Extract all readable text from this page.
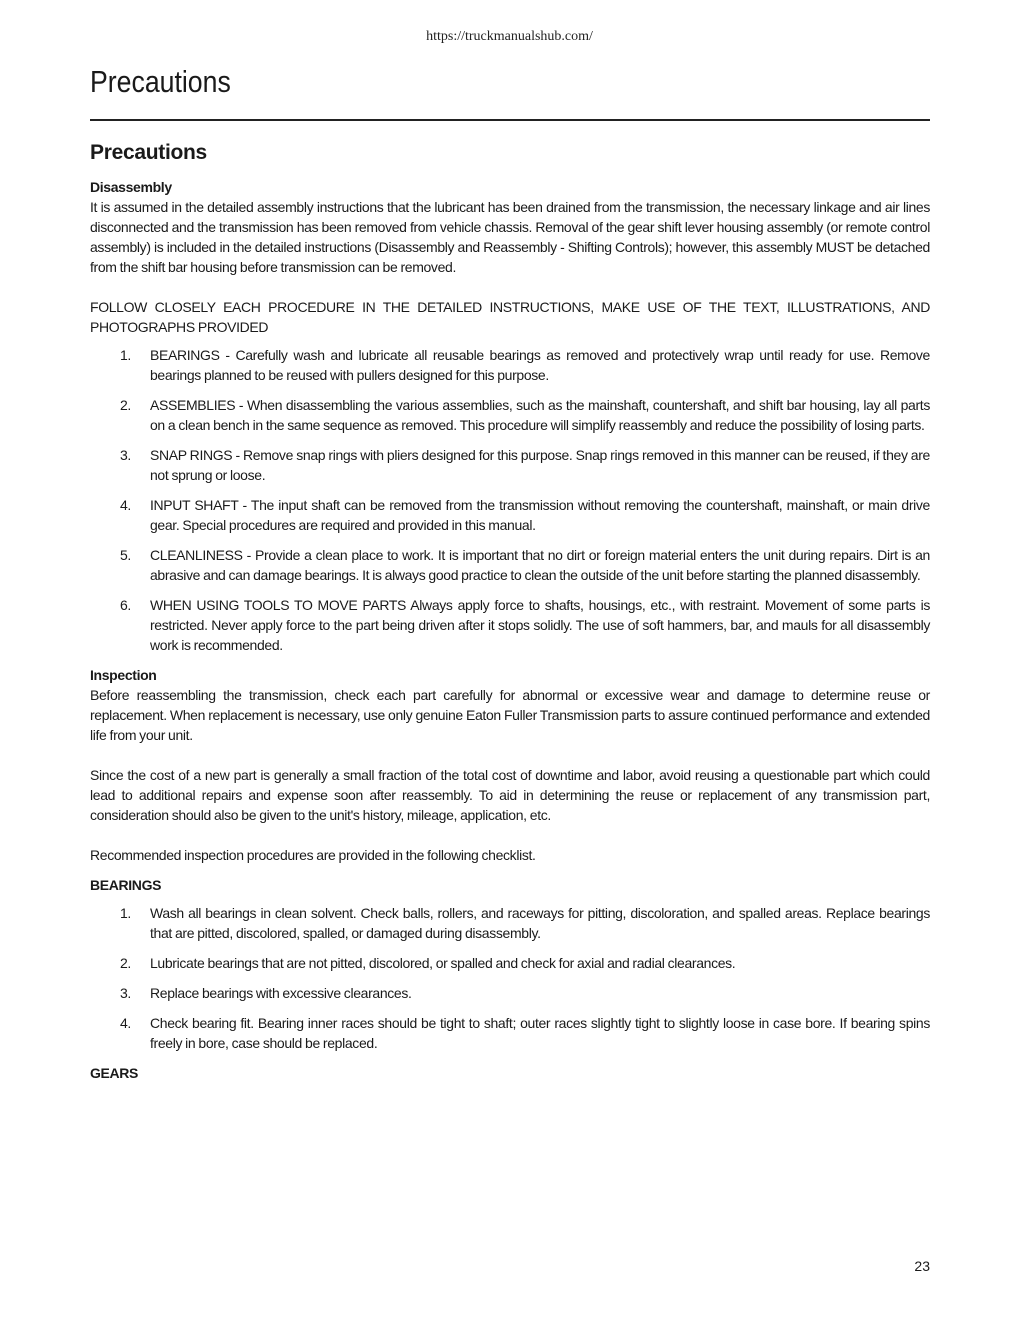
https://truckmanualshub.com/
Precautions
Precautions
Disassembly

It is assumed in the detailed assembly instructions that the lubricant has been drained from the transmission, the necessary linkage and air lines disconnected and the transmission has been removed from vehicle chassis. Removal of the gear shift lever housing assembly (or remote control assembly) is included in the detailed instructions (Disassembly and Reassembly - Shifting Controls); however, this assembly MUST be detached from the shift bar housing before transmission can be removed.

FOLLOW CLOSELY EACH PROCEDURE IN THE DETAILED INSTRUCTIONS, MAKE USE OF THE TEXT, ILLUSTRATIONS, AND PHOTOGRAPHS PROVIDED

1. BEARINGS - Carefully wash and lubricate all reusable bearings as removed and protectively wrap until ready for use. Remove bearings planned to be reused with pullers designed for this purpose.
2. ASSEMBLIES - When disassembling the various assemblies, such as the mainshaft, countershaft, and shift bar housing, lay all parts on a clean bench in the same sequence as removed. This procedure will simplify reassembly and reduce the possibility of losing parts.
3. SNAP RINGS - Remove snap rings with pliers designed for this purpose. Snap rings removed in this manner can be reused, if they are not sprung or loose.
4. INPUT SHAFT - The input shaft can be removed from the transmission without removing the countershaft, mainshaft, or main drive gear. Special procedures are required and provided in this manual.
5. CLEANLINESS - Provide a clean place to work. It is important that no dirt or foreign material enters the unit during repairs. Dirt is an abrasive and can damage bearings. It is always good practice to clean the outside of the unit before starting the planned disassembly.
6. WHEN USING TOOLS TO MOVE PARTS Always apply force to shafts, housings, etc., with restraint. Movement of some parts is restricted. Never apply force to the part being driven after it stops solidly. The use of soft hammers, bar, and mauls for all disassembly work is recommended.
Inspection

Before reassembling the transmission, check each part carefully for abnormal or excessive wear and damage to determine reuse or replacement. When replacement is necessary, use only genuine Eaton Fuller Transmission parts to assure continued performance and extended life from your unit.

Since the cost of a new part is generally a small fraction of the total cost of downtime and labor, avoid reusing a questionable part which could lead to additional repairs and expense soon after reassembly. To aid in determining the reuse or replacement of any transmission part, consideration should also be given to the unit's history, mileage, application, etc.

Recommended inspection procedures are provided in the following checklist.

BEARINGS
1. Wash all bearings in clean solvent. Check balls, rollers, and raceways for pitting, discoloration, and spalled areas. Replace bearings that are pitted, discolored, spalled, or damaged during disassembly.
2. Lubricate bearings that are not pitted, discolored, or spalled and check for axial and radial clearances.
3. Replace bearings with excessive clearances.
4. Check bearing fit. Bearing inner races should be tight to shaft; outer races slightly tight to slightly loose in case bore. If bearing spins freely in bore, case should be replaced.
GEARS
23
